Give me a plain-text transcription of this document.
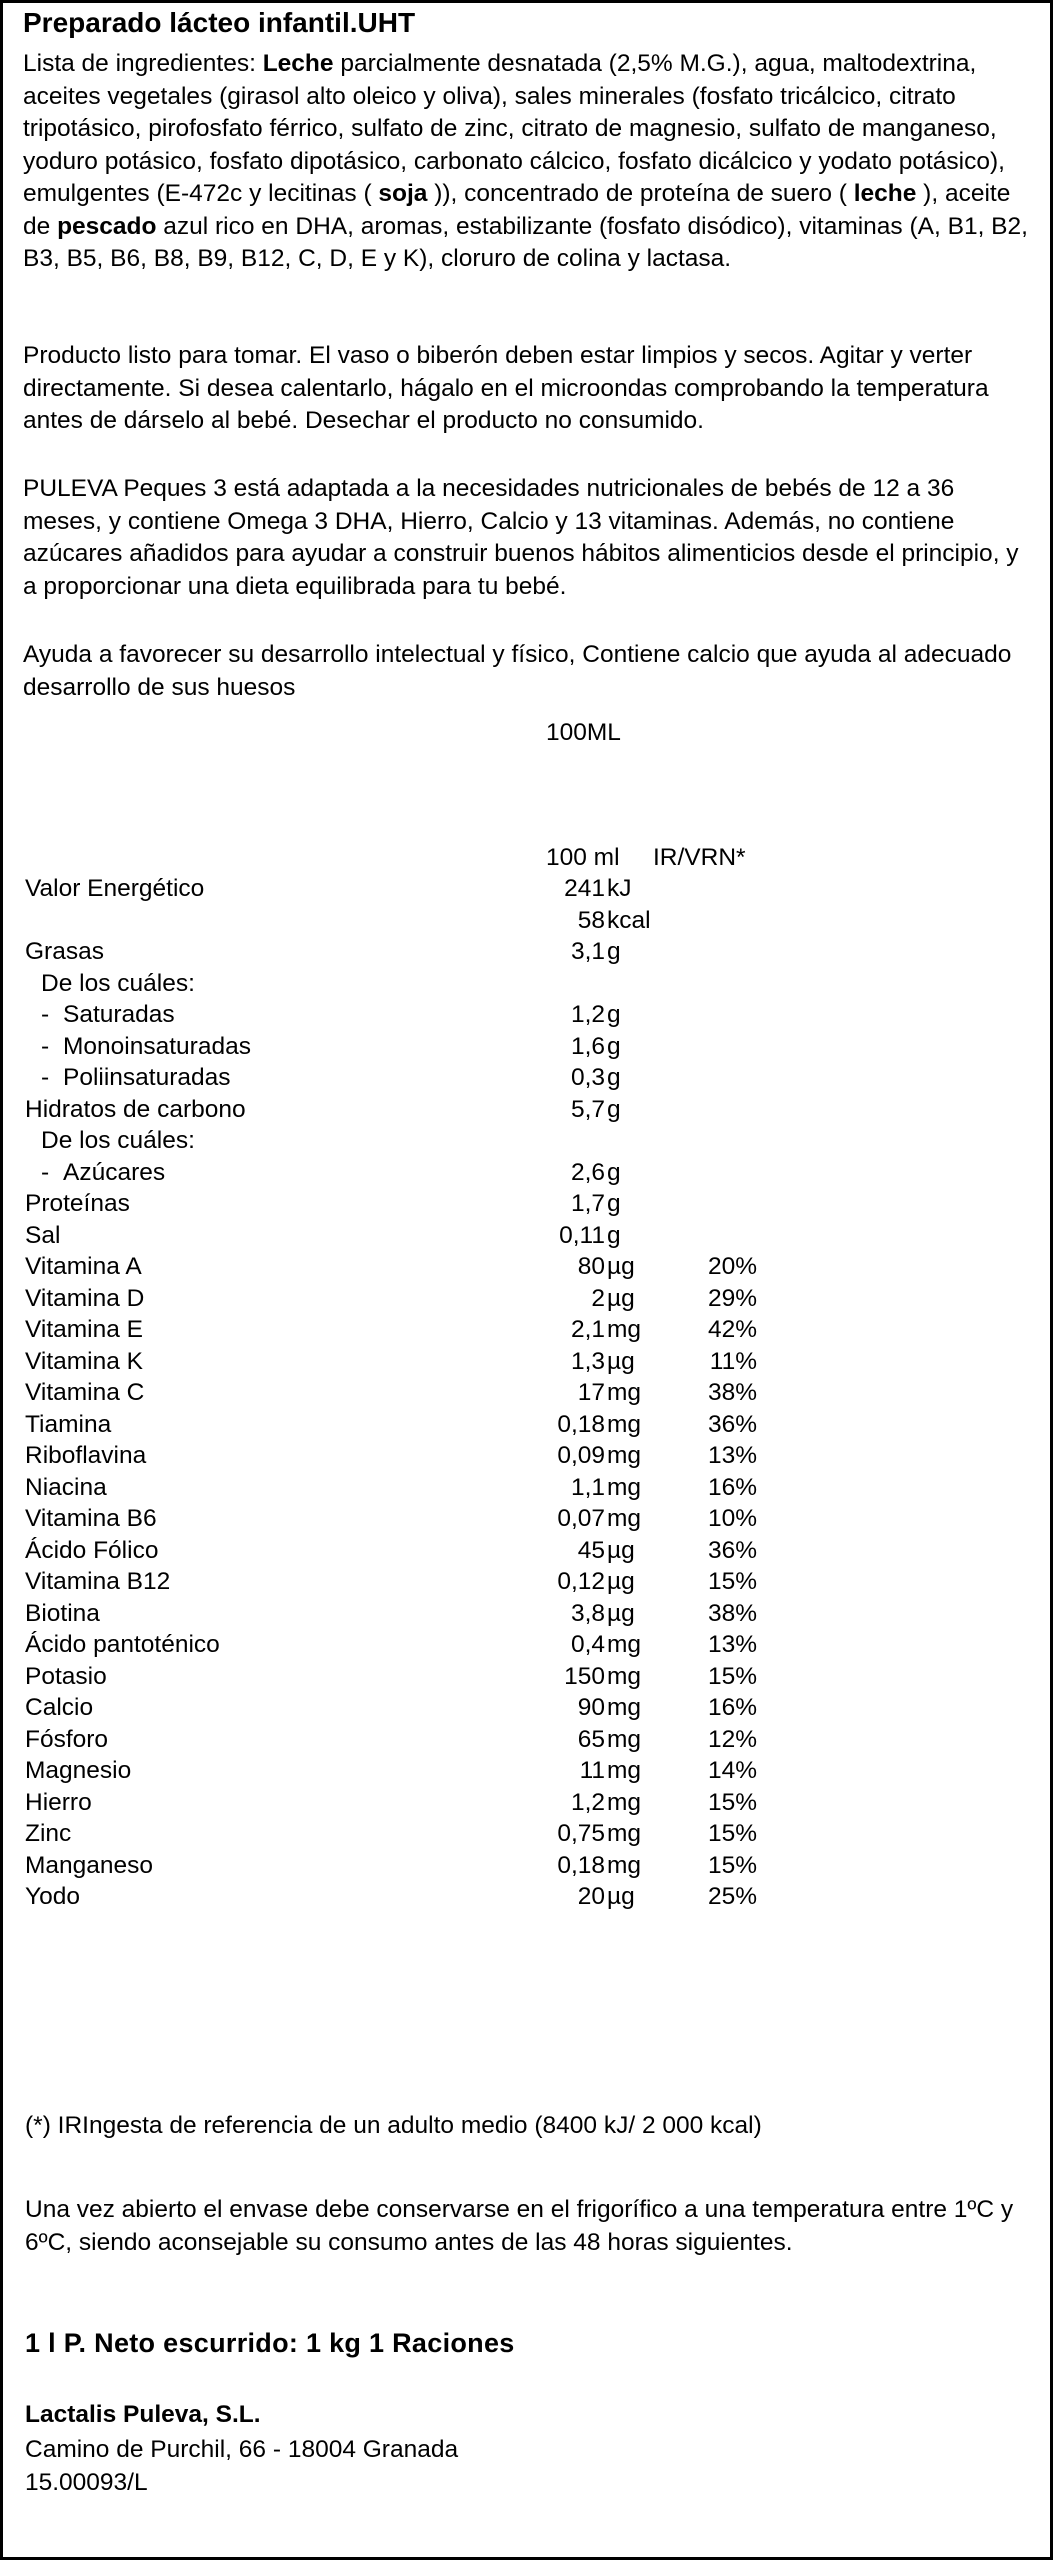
Preparado lácteo infantil.UHT

Lista de ingredientes: Leche parcialmente desnatada (2,5% M.G.), agua, maltodextrina, aceites vegetales (girasol alto oleico y oliva), sales minerales (fosfato tricálcico, citrato tripotásico, pirofosfato férrico, sulfato de zinc, citrato de magnesio, sulfato de manganeso, yoduro potásico, fosfato dipotásico, carbonato cálcico, fosfato dicálcico y yodato potásico), emulgentes (E-472c y lecitinas ( soja )), concentrado de proteína de suero ( leche ), aceite de pescado azul rico en DHA, aromas, estabilizante (fosfato disódico), vitaminas (A, B1, B2, B3, B5, B6, B8, B9, B12, C, D, E y K), cloruro de colina y lactasa.

Producto listo para tomar. El vaso o biberón deben estar limpios y secos. Agitar y verter directamente. Si desea calentarlo, hágalo en el microondas comprobando la temperatura antes de dárselo al bebé. Desechar el producto no consumido.

PULEVA Peques 3 está adaptada a la necesidades nutricionales de bebés de 12 a 36 meses, y contiene Omega 3 DHA, Hierro, Calcio y 13 vitaminas. Además, no contiene azúcares añadidos para ayudar a construir buenos hábitos alimenticios desde el principio, y a proporcionar una dieta equilibrada para tu bebé.

Ayuda a favorecer su desarrollo intelectual y físico, Contiene calcio que ayuda al adecuado desarrollo de sus huesos

100ML
100 ml IR/VRN*
Valor Energético	241 kJ
58 kcal
Grasas	3,1 g
De los cuáles:
- Saturadas	1,2 g
- Monoinsaturadas	1,6 g
- Poliinsaturadas	0,3 g
Hidratos de carbono	5,7 g
De los cuáles:
- Azúcares	2,6 g
Proteínas	1,7 g
Sal	0,11 g
Vitamina A	80 µg	20%
Vitamina D	2 µg	29%
Vitamina E	2,1 mg	42%
Vitamina K	1,3 µg	11%
Vitamina C	17 mg	38%
Tiamina	0,18 mg	36%
Riboflavina	0,09 mg	13%
Niacina	1,1 mg	16%
Vitamina B6	0,07 mg	10%
Ácido Fólico	45 µg	36%
Vitamina B12	0,12 µg	15%
Biotina	3,8 µg	38%
Ácido pantoténico	0,4 mg	13%
Potasio	150 mg	15%
Calcio	90 mg	16%
Fósforo	65 mg	12%
Magnesio	11 mg	14%
Hierro	1,2 mg	15%
Zinc	0,75 mg	15%
Manganeso	0,18 mg	15%
Yodo	20 µg	25%
(*) IRIngesta de referencia de un adulto medio (8400 kJ/ 2 000 kcal)

Una vez abierto el envase debe conservarse en el frigorífico a una temperatura entre 1ºC y 6ºC, siendo aconsejable su consumo antes de las 48 horas siguientes.

1 l P. Neto escurrido: 1 kg 1 Raciones
Lactalis Puleva, S.L.
Camino de Purchil, 66 - 18004 Granada
15.00093/L
